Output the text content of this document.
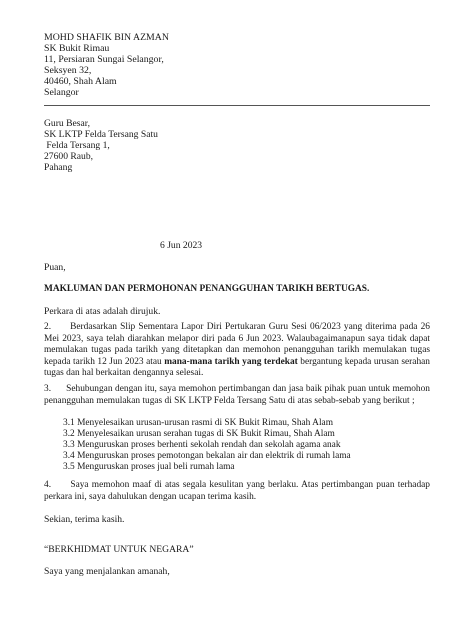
MOHD SHAFIK BIN AZMAN
SK Bukit Rimau
11, Persiaran Sungai Selangor,
Seksyen 32,
40460, Shah Alam
Selangor
Guru Besar,
SK LKTP Felda Tersang Satu
Felda Tersang 1,
27600 Raub,
Pahang
6 Jun 2023
Puan,
MAKLUMAN DAN PERMOHONAN PENANGGUHAN TARIKH BERTUGAS.
Perkara di atas adalah dirujuk.
2.      Berdasarkan Slip Sementara Lapor Diri Pertukaran Guru Sesi 06/2023 yang diterima pada 26 Mei 2023, saya telah diarahkan melapor diri pada 6 Jun 2023. Walaubagaimanapun saya tidak dapat memulakan tugas pada tarikh yang ditetapkan dan memohon penangguhan tarikh memulakan tugas kepada tarikh 12 Jun 2023 atau mana-mana tarikh yang terdekat bergantung kepada urusan serahan tugas dan hal berkaitan dengannya selesai.
3.      Sehubungan dengan itu, saya memohon pertimbangan dan jasa baik pihak puan untuk memohon penangguhan memulakan tugas di SK LKTP Felda Tersang Satu di atas sebab-sebab yang berikut ;
3.1 Menyelesaikan urusan-urusan rasmi di SK Bukit Rimau, Shah Alam
3.2 Menyelesaikan urusan serahan tugas di SK Bukit Rimau, Shah Alam
3.3 Menguruskan proses berhenti sekolah rendah dan sekolah agama anak
3.4 Menguruskan proses pemotongan bekalan air dan elektrik di rumah lama
3.5 Menguruskan proses jual beli rumah lama
4.      Saya memohon maaf di atas segala kesulitan yang berlaku. Atas pertimbangan puan terhadap perkara ini, saya dahulukan dengan ucapan terima kasih.
Sekian, terima kasih.
“BERKHIDMAT UNTUK NEGARA”
Saya yang menjalankan amanah,
